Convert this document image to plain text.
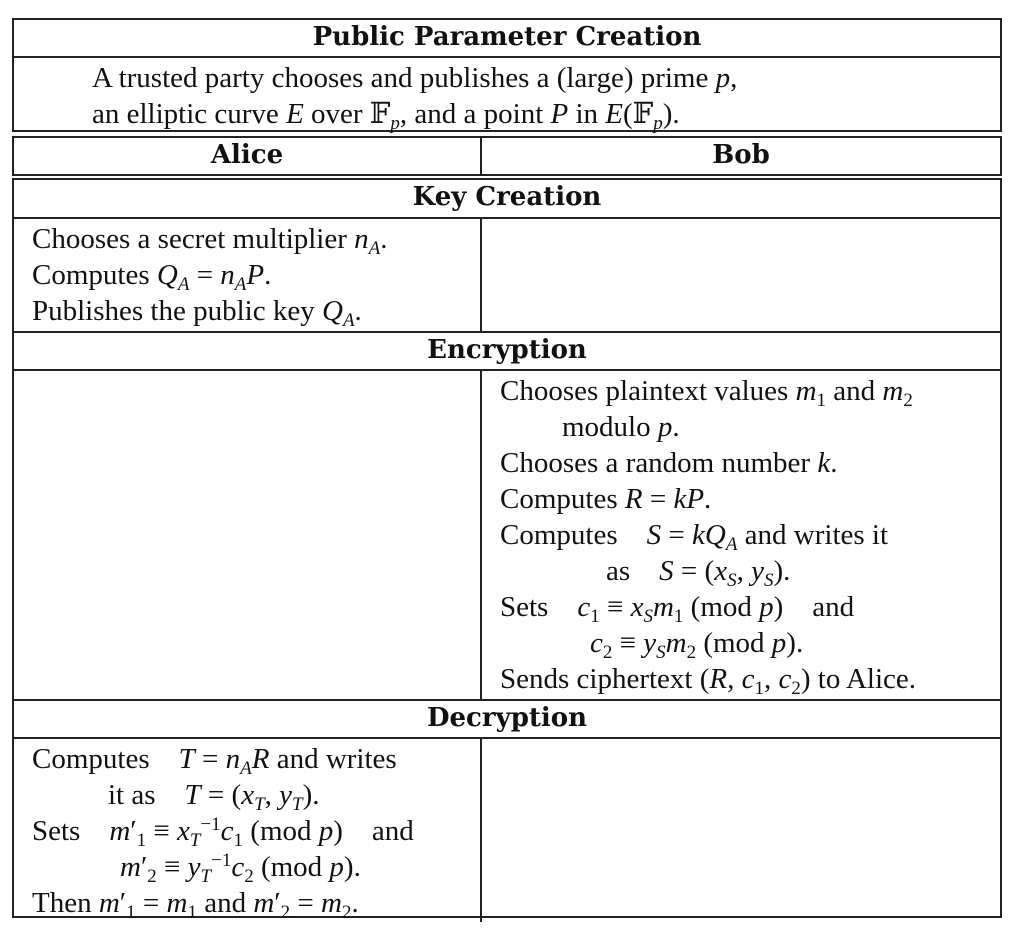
Public Parameter Creation
A trusted party chooses and publishes a (large) prime p,
an elliptic curve E over 𝔽$_p$, and a point P in E(𝔽$_p$).
Alice	Bob
Key Creation
Chooses a secret multiplier $n_A$.
Computes $Q_A = n_AP$.
Publishes the public key $Q_A$.
Encryption
Chooses plaintext values $m_1$ and $m_2$
modulo p.
Chooses a random number k.
Computes R = kP.
Computes    $S = kQ_A$ and writes it
as    $S = (x_S$, $y_S$).
Sets    $c_1 \equiv x_Sm_1$ (mod p)    and
$c_2 \equiv y_Sm_2$ (mod p).
Sends ciphertext (R, $c_1$, $c_2$) to Alice.
Decryption
Computes    $T = n_AR$ and writes
it as    $T = (x_T$, $y_T$).
Sets    $m'_1 \equiv x_T^{-1}c_1$ (mod p)    and
$m'_2 \equiv y_T^{-1}c_2$ (mod p).
Then $m'_1 = m_1$ and $m'_2 = m_2$.
